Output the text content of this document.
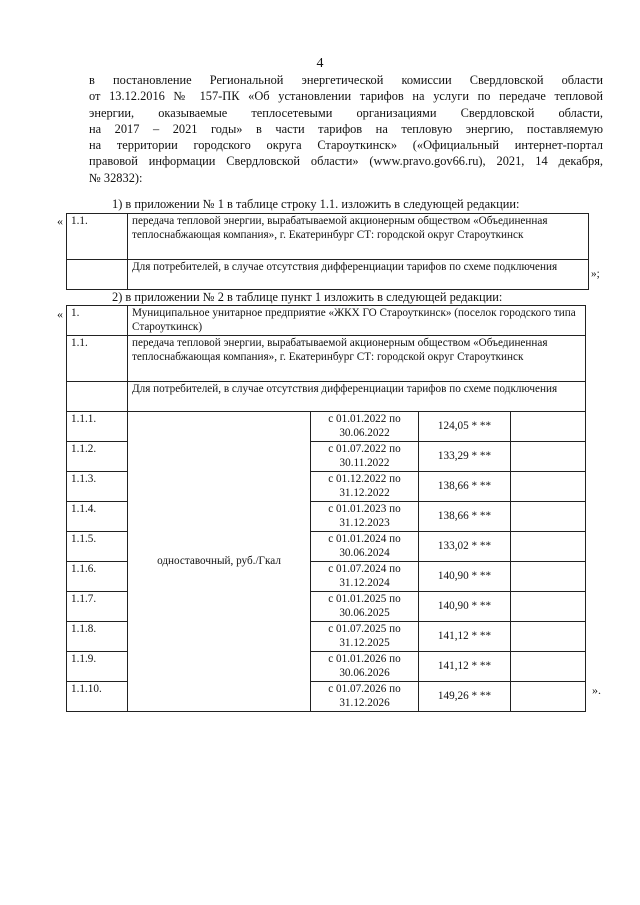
4
в постановление Региональной энергетической комиссии Свердловской области
от 13.12.2016 № 157-ПК «Об установлении тарифов на услуги по передаче тепловой
энергии, оказываемые теплосетевыми организациями Свердловской области,
на 2017 – 2021 годы» в части тарифов на тепловую энергию, поставляемую
на территории городского округа Староуткинск» («Официальный интернет-портал
правовой информации Свердловской области» (www.pravo.gov66.ru), 2021, 14 декабря,
№ 32832):
1) в приложении № 1 в таблице строку 1.1. изложить в следующей редакции:
« 1.1.	передача тепловой энергии, вырабатываемой акционерным обществом «Объединенная теплоснабжающая компания», г. Екатеринбург СТ: городской округ Староуткинск	
	Для потребителей, в случае отсутствия дифференциации тарифов по схеме подключения	»;
2) в приложении № 2 в таблице пункт 1 изложить в следующей редакции:
« 1.	Муниципальное унитарное предприятие «ЖКХ ГО Староуткинск» (поселок городского типа Староуткинск)			
1.1.	передача тепловой энергии, вырабатываемой акционерным обществом «Объединенная теплоснабжающая компания», г. Екатеринбург СТ: городской округ Староуткинск			
	Для потребителей, в случае отсутствия дифференциации тарифов по схеме подключения			
1.1.1.	одноставочный, руб./Гкал	с 01.01.2022 по 30.06.2022	124,05 * **	
1.1.2.		с 01.07.2022 по 30.11.2022	133,29 * **	
1.1.3.		с 01.12.2022 по 31.12.2022	138,66 * **	
1.1.4.		с 01.01.2023 по 31.12.2023	138,66 * **	
1.1.5.		с 01.01.2024 по 30.06.2024	133,02 * **	
1.1.6.		с 01.07.2024 по 31.12.2024	140,90 * **	
1.1.7.		с 01.01.2025 по 30.06.2025	140,90 * **	
1.1.8.		с 01.07.2025 по 31.12.2025	141,12 * **	
1.1.9.		с 01.01.2026 по 30.06.2026	141,12 * **	
1.1.10.		с 01.07.2026 по 31.12.2026	149,26 * **		».
